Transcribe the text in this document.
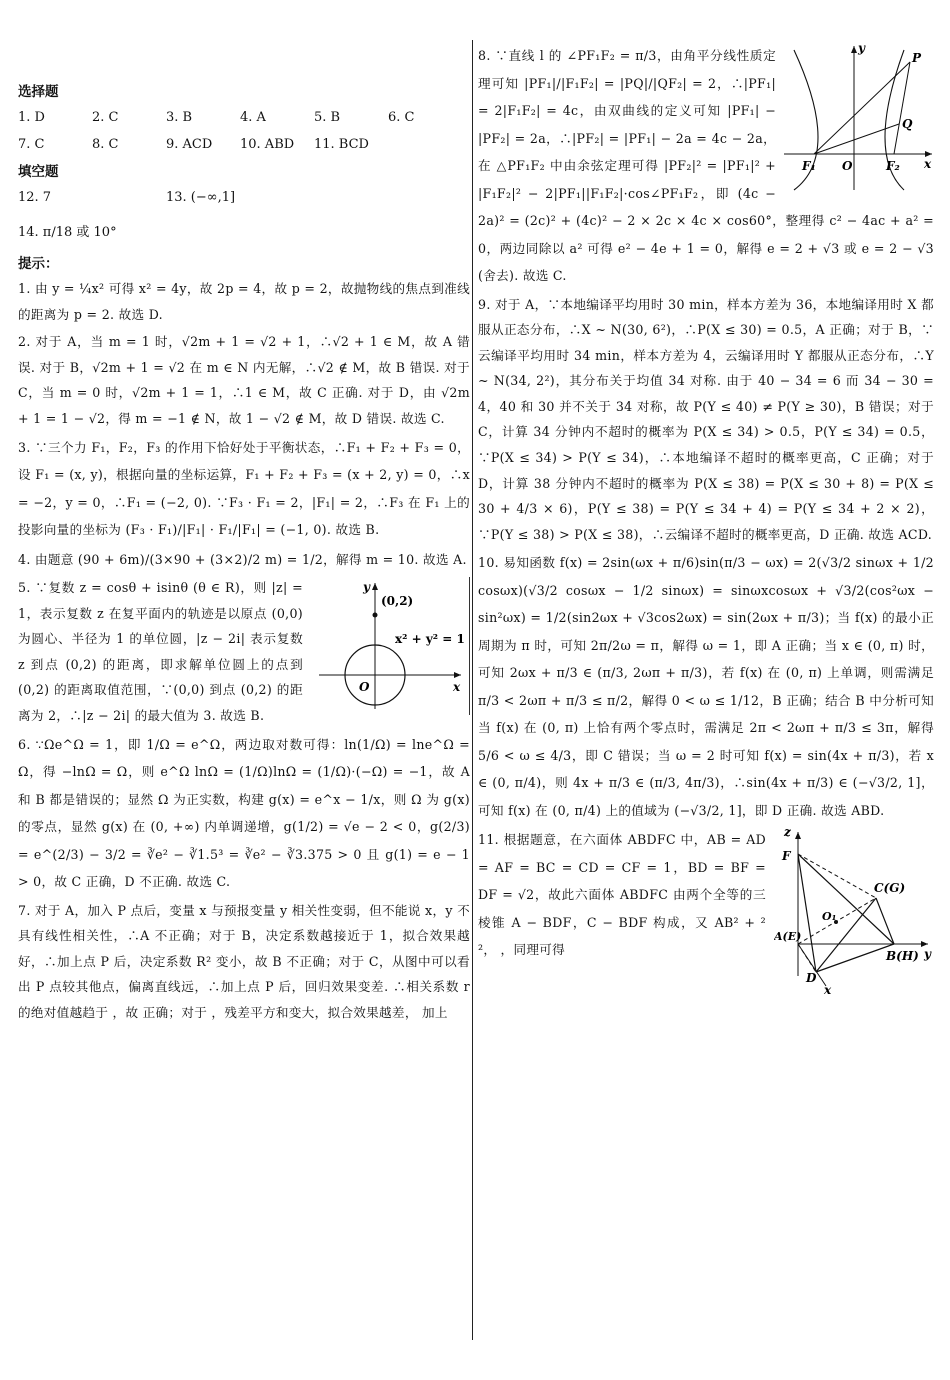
选择题
1. D	2. C	3. B	4. A	5. B	6. C
7. C	8. C	9. ACD 10. ABD 11. BCD
填空题
12. 7	13. (−∞,1]
14. π/18 或 10°
提示：

1. 由 y = ¼x² 可得 x² = 4y，故 2p = 4，故 p = 2，故抛物线的焦点到准线的距离为 p = 2. 故选 D.

2. 对于 A，当 m = 1 时，√2m + 1 = √2 + 1，∴√2 + 1 ∈ M，故 A 错误. 对于 B，√2m + 1 = √2 在 m ∈ N 内无解，∴√2 ∉ M，故 B 错误. 对于 C，当 m = 0 时，√2m + 1 = 1，∴1 ∈ M，故 C 正确. 对于 D，由 √2m + 1 = 1 − √2，得 m = −1 ∉ N，故 1 − √2 ∉ M，故 D 错误. 故选 C.

3. ∵三个力 F₁，F₂，F₃ 的作用下恰好处于平衡状态，∴F₁ + F₂ + F₃ = 0，设 F₁ = (x, y)，根据向量的坐标运算，F₁ + F₂ + F₃ = (x + 2, y) = 0，∴x = −2，y = 0，∴F₁ = (−2, 0). ∵F₃ · F₁ = 2，|F₁| = 2，∴F₃ 在 F₁ 上的投影向量的坐标为 (F₃ · F₁)/|F₁| · F₁/|F₁| = (−1, 0). 故选 B.

4. 由题意 (90 + 6m)/(3×90 + (3×2)/2 m) = 1/2，解得 m = 10. 故选 A.

(0,2)
x² + y² = 1
y
x
O

5. ∵复数 z = cosθ + isinθ (θ ∈ R)，则 |z| = 1，表示复数 z 在复平面内的轨迹是以原点 (0,0) 为圆心、半径为 1 的单位圆，|z − 2i| 表示复数 z 到点 (0,2) 的距离，即求解单位圆上的点到 (0,2) 的距离取值范围，∵(0,0) 到点 (0,2) 的距离为 2，∴|z − 2i| 的最大值为 3. 故选 B.

6. ∵Ωe^Ω = 1，即 1/Ω = e^Ω，两边取对数可得：ln(1/Ω) = lne^Ω = Ω，得 −lnΩ = Ω，则 e^Ω lnΩ = (1/Ω)lnΩ = (1/Ω)·(−Ω) = −1，故 A 和 B 都是错误的；显然 Ω 为正实数，构建 g(x) = e^x − 1/x，则 Ω 为 g(x) 的零点，显然 g(x) 在 (0, +∞) 内单调递增，g(1/2) = √e − 2 < 0，g(2/3) = e^(2/3) − 3/2 = ∛e² − ∛1.5³ = ∛e² − ∛3.375 > 0 且 g(1) = e − 1 > 0，故 C 正确，D 不正确. 故选 C.

7. 对于 A，加入 P 点后，变量 x 与预报变量 y 相关性变弱，但不能说 x，y 不具有线性相关性，∴A 不正确；对于 B，决定系数越接近于 1，拟合效果越好，∴加上点 P 后，决定系数 R² 变小，故 B 不正确；对于 C，从图中可以看出 P 点较其他点，偏离直线远，∴加上点 P 后，回归效果变差. ∴相关系数 r 的绝对值越趋于 ，故 正确；对于 ，残差平方和变大，拟合效果越差， 加上

P
Q
F₁ O	F₂ x
y

8. ∵直线 l 的 ∠PF₁F₂ = π/3，由角平分线性质定理可知 |PF₁|/|F₁F₂| = |PQ|/|QF₂| = 2，∴|PF₁| = 2|F₁F₂| = 4c，由双曲线的定义可知 |PF₁| − |PF₂| = 2a，∴|PF₂| = |PF₁| − 2a = 4c − 2a，在 △PF₁F₂ 中由余弦定理可得 |PF₂|² = |PF₁|² + |F₁F₂|² − 2|PF₁||F₁F₂|·cos∠PF₁F₂，即 (4c − 2a)² = (2c)² + (4c)² − 2 × 2c × 4c × cos60°，整理得 c² − 4ac + a² = 0，两边同除以 a² 可得 e² − 4e + 1 = 0，解得 e = 2 + √3 或 e = 2 − √3 (舍去). 故选 C.

9. 对于 A，∵本地编译平均用时 30 min，样本方差为 36，本地编译用时 X 都服从正态分布，∴X ~ N(30, 6²)，∴P(X ≤ 30) = 0.5，A 正确；对于 B，∵云编译平均用时 34 min，样本方差为 4，云编译用时 Y 都服从正态分布，∴Y ~ N(34, 2²)，其分布关于均值 34 对称. 由于 40 − 34 = 6 而 34 − 30 = 4，40 和 30 并不关于 34 对称，故 P(Y ≤ 40) ≠ P(Y ≥ 30)，B 错误；对于 C，计算 34 分钟内不超时的概率为 P(X ≤ 34) > 0.5，P(Y ≤ 34) = 0.5，∵P(X ≤ 34) > P(Y ≤ 34)，∴本地编译不超时的概率更高，C 正确；对于 D，计算 38 分钟内不超时的概率为 P(X ≤ 38) = P(X ≤ 30 + 8) = P(X ≤ 30 + 4/3 × 6)，P(Y ≤ 38) = P(Y ≤ 34 + 4) = P(Y ≤ 34 + 2 × 2)，∵P(Y ≤ 38) > P(X ≤ 38)，∴云编译不超时的概率更高，D 正确. 故选 ACD.

10. 易知函数 f(x) = 2sin(ωx + π/6)sin(π/3 − ωx) = 2(√3/2 sinωx + 1/2 cosωx)(√3/2 cosωx − 1/2 sinωx) = sinωxcosωx + √3/2(cos²ωx − sin²ωx) = 1/2(sin2ωx + √3cos2ωx) = sin(2ωx + π/3)；当 f(x) 的最小正周期为 π 时，可知 2π/2ω = π，解得 ω = 1，即 A 正确；当 x ∈ (0, π) 时，可知 2ωx + π/3 ∈ (π/3, 2ωπ + π/3)，若 f(x) 在 (0, π) 上单调，则需满足 π/3 < 2ωπ + π/3 ≤ π/2，解得 0 < ω ≤ 1/12，B 正确；结合 B 中分析可知当 f(x) 在 (0, π) 上恰有两个零点时，需满足 2π < 2ωπ + π/3 ≤ 3π，解得 5/6 < ω ≤ 4/3，即 C 错误；当 ω = 2 时可知 f(x) = sin(4x + π/3)，若 x ∈ (0, π/4)，则 4x + π/3 ∈ (π/3, 4π/3)，∴sin(4x + π/3) ∈ (−√3/2, 1]，可知 f(x) 在 (0, π/4) 上的值域为 (−√3/2, 1]，即 D 正确. 故选 ABD.

z
F
C(G)
O₁
A(E)
B(H) y
D
x

11. 根据题意，在六面体 ABDFC 中，AB = AD = AF = BC = CD = CF = 1，BD = BF = DF = √2，故此六面体 ABDFC 由两个全等的三棱锥 A − BDF，C − BDF 构成，又 AB² + ² ²， ，同理可得
